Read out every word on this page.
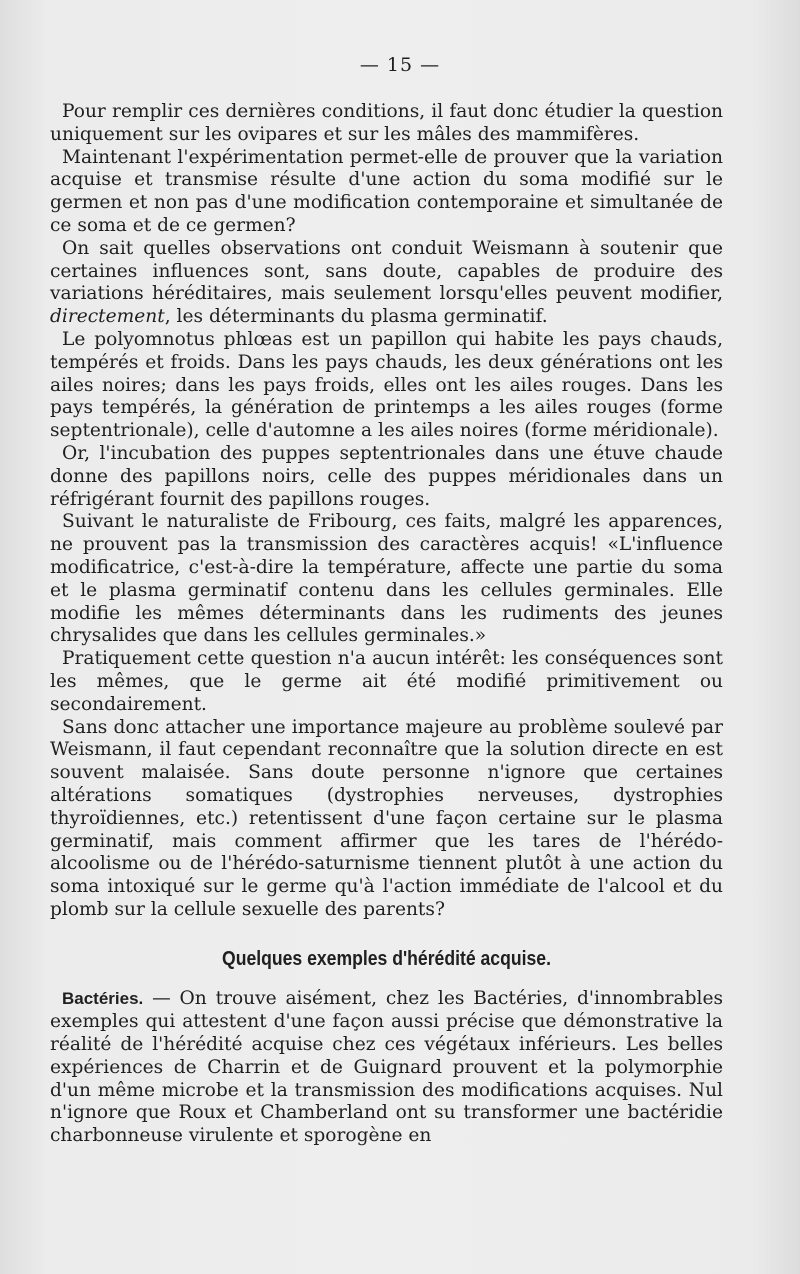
— 15 —

Pour remplir ces dernières conditions, il faut donc étudier la question uniquement sur les ovipares et sur les mâles des mammifères.

Maintenant l'expérimentation permet-elle de prouver que la variation acquise et transmise résulte d'une action du soma modifié sur le germen et non pas d'une modification contemporaine et simultanée de ce soma et de ce germen?

On sait quelles observations ont conduit Weismann à soutenir que certaines influences sont, sans doute, capables de produire des variations héréditaires, mais seulement lorsqu'elles peuvent modifier, directement, les déterminants du plasma germinatif.

Le polyomnotus phlœas est un papillon qui habite les pays chauds, tempérés et froids. Dans les pays chauds, les deux générations ont les ailes noires; dans les pays froids, elles ont les ailes rouges. Dans les pays tempérés, la génération de printemps a les ailes rouges (forme septentrionale), celle d'automne a les ailes noires (forme méridionale).

Or, l'incubation des puppes septentrionales dans une étuve chaude donne des papillons noirs, celle des puppes méridionales dans un réfrigérant fournit des papillons rouges.

Suivant le naturaliste de Fribourg, ces faits, malgré les apparences, ne prouvent pas la transmission des caractères acquis! «L'influence modificatrice, c'est-à-dire la température, affecte une partie du soma et le plasma germinatif contenu dans les cellules germinales. Elle modifie les mêmes déterminants dans les rudiments des jeunes chrysalides que dans les cellules germinales.»

Pratiquement cette question n'a aucun intérêt: les conséquences sont les mêmes, que le germe ait été modifié primitivement ou secondairement.

Sans donc attacher une importance majeure au problème soulevé par Weismann, il faut cependant reconnaître que la solution directe en est souvent malaisée. Sans doute personne n'ignore que certaines altérations somatiques (dystrophies nerveuses, dystrophies thyroïdiennes, etc.) retentissent d'une façon certaine sur le plasma germinatif, mais comment affirmer que les tares de l'hérédo-alcoolisme ou de l'hérédo-saturnisme tiennent plutôt à une action du soma intoxiqué sur le germe qu'à l'action immédiate de l'alcool et du plomb sur la cellule sexuelle des parents?

Quelques exemples d'hérédité acquise.

Bactéries. — On trouve aisément, chez les Bactéries, d'innombrables exemples qui attestent d'une façon aussi précise que démonstrative la réalité de l'hérédité acquise chez ces végétaux inférieurs. Les belles expériences de Charrin et de Guignard prouvent et la polymorphie d'un même microbe et la transmission des modifications acquises. Nul n'ignore que Roux et Chamberland ont su transformer une bactéridie charbonneuse virulente et sporogène en
